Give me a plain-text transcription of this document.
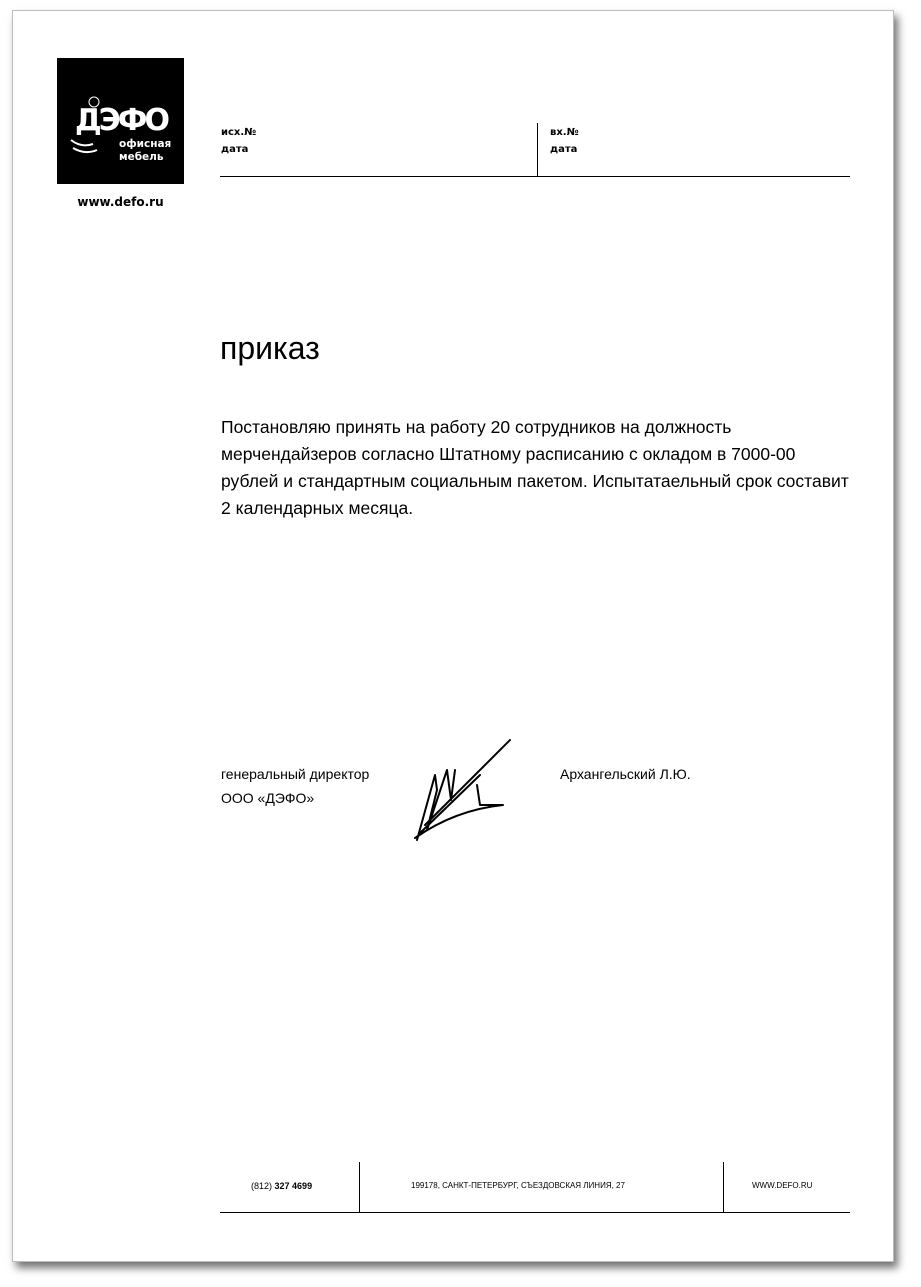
ДЭФО
офисная
мебель
www.defo.ru
исх.№
дата
вх.№
дата
приказ
Постановляю принять на работу 20 сотрудников на должность мерчендайзеров согласно Штатному расписанию с окладом в 7000-00 рублей и стандартным социальным пакетом. Испытатаельный срок составит 2 календарных месяца.
генеральный директор
ООО «ДЭФО»
Архангельский Л.Ю.
(812) 327 4699	199178, САНКТ-ПЕТЕРБУРГ, СЪЕЗДОВСКАЯ ЛИНИЯ, 27	WWW.DEFO.RU
